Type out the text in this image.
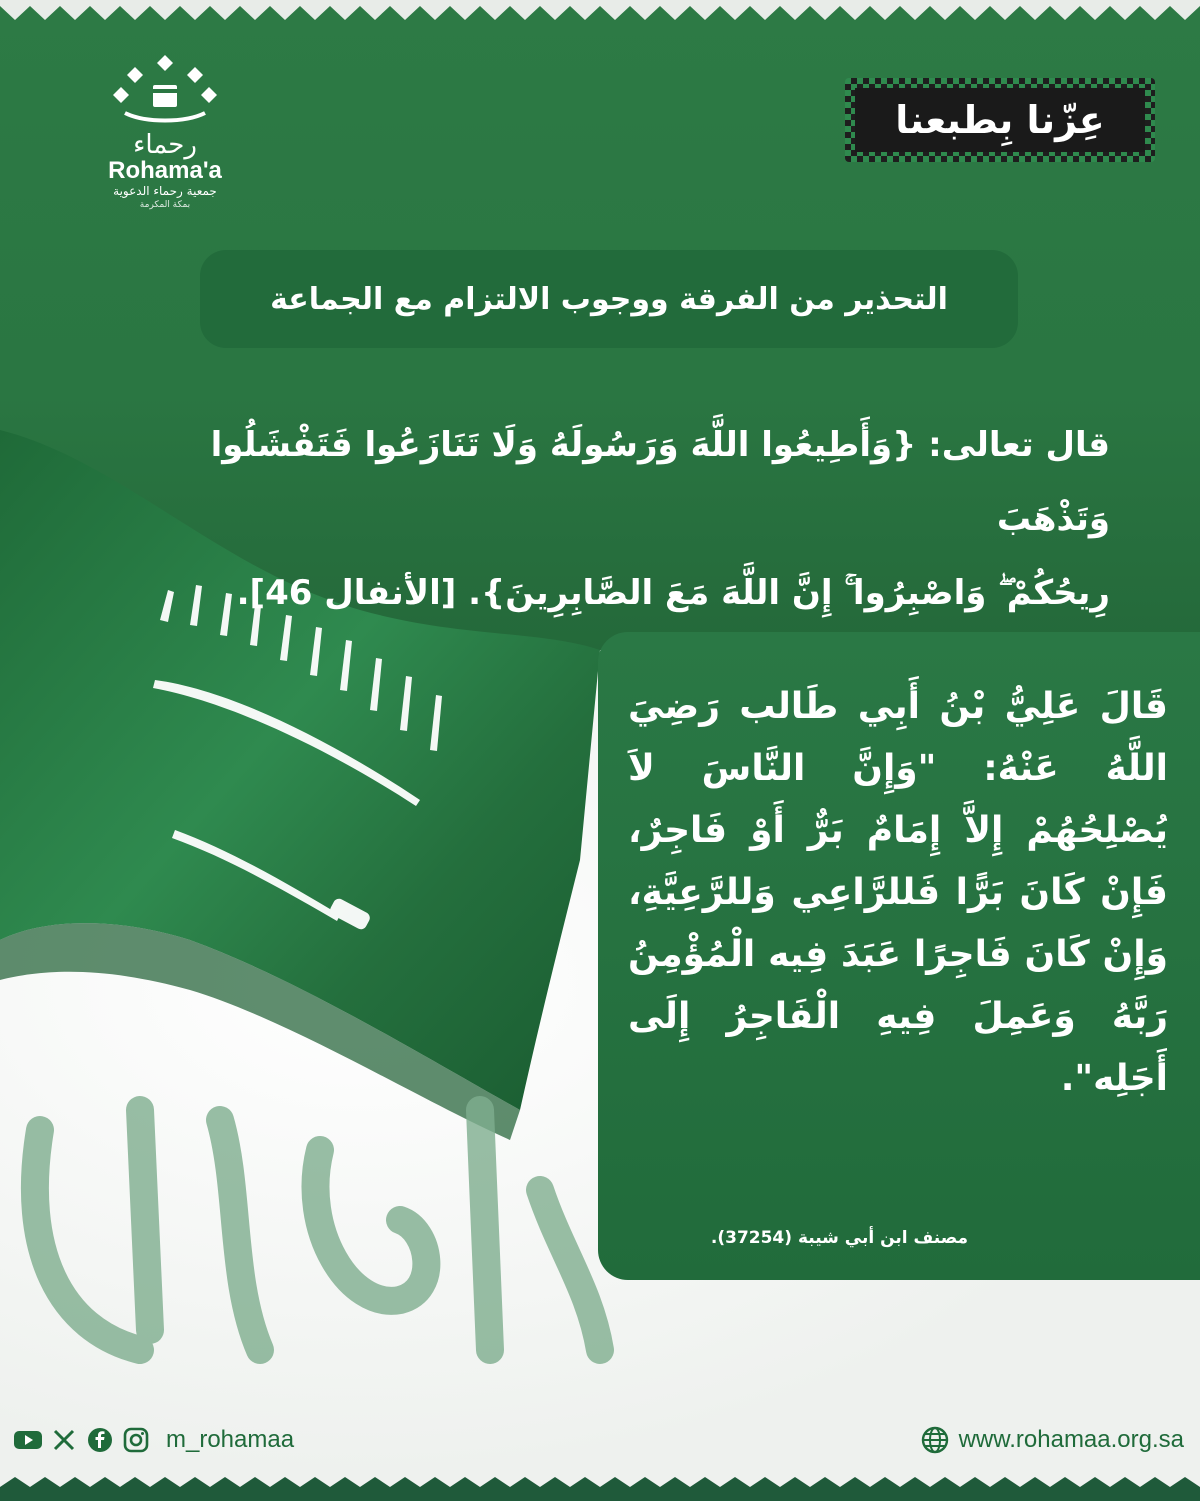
رحماء
Rohama'a
جمعية رحماء الدعوية
بمكة المكرمة
عِزّنا بِطبعنا
التحذير من الفرقة ووجوب الالتزام مع الجماعة
قال تعالى: {وَأَطِيعُوا اللَّهَ وَرَسُولَهُ وَلَا تَنَازَعُوا فَتَفْشَلُوا وَتَذْهَبَ
رِيحُكُمْ ۖ وَاصْبِرُوا ۚ إِنَّ اللَّهَ مَعَ الصَّابِرِينَ}. [الأنفال 46].
قَالَ عَلِيُّ بْنُ أَبِي طَالب رَضِيَ اللَّهُ عَنْهُ: "وَإِنَّ النَّاسَ لاَ يُصْلِحُهُمْ إِلاَّ إِمَامٌ بَرٌّ أَوْ فَاجِرٌ، فَإِنْ كَانَ بَرًّا فَللرَّاعِي وَللرَّعِيَّةِ، وَإِنْ كَانَ فَاجِرًا عَبَدَ فِيه الْمُؤْمِنُ رَبَّهُ وَعَمِلَ فِيهِ الْفَاجِرُ إِلَى أَجَلِه".
مصنف ابن أبي شيبة (37254).
m_rohamaa	www.rohamaa.org.sa
